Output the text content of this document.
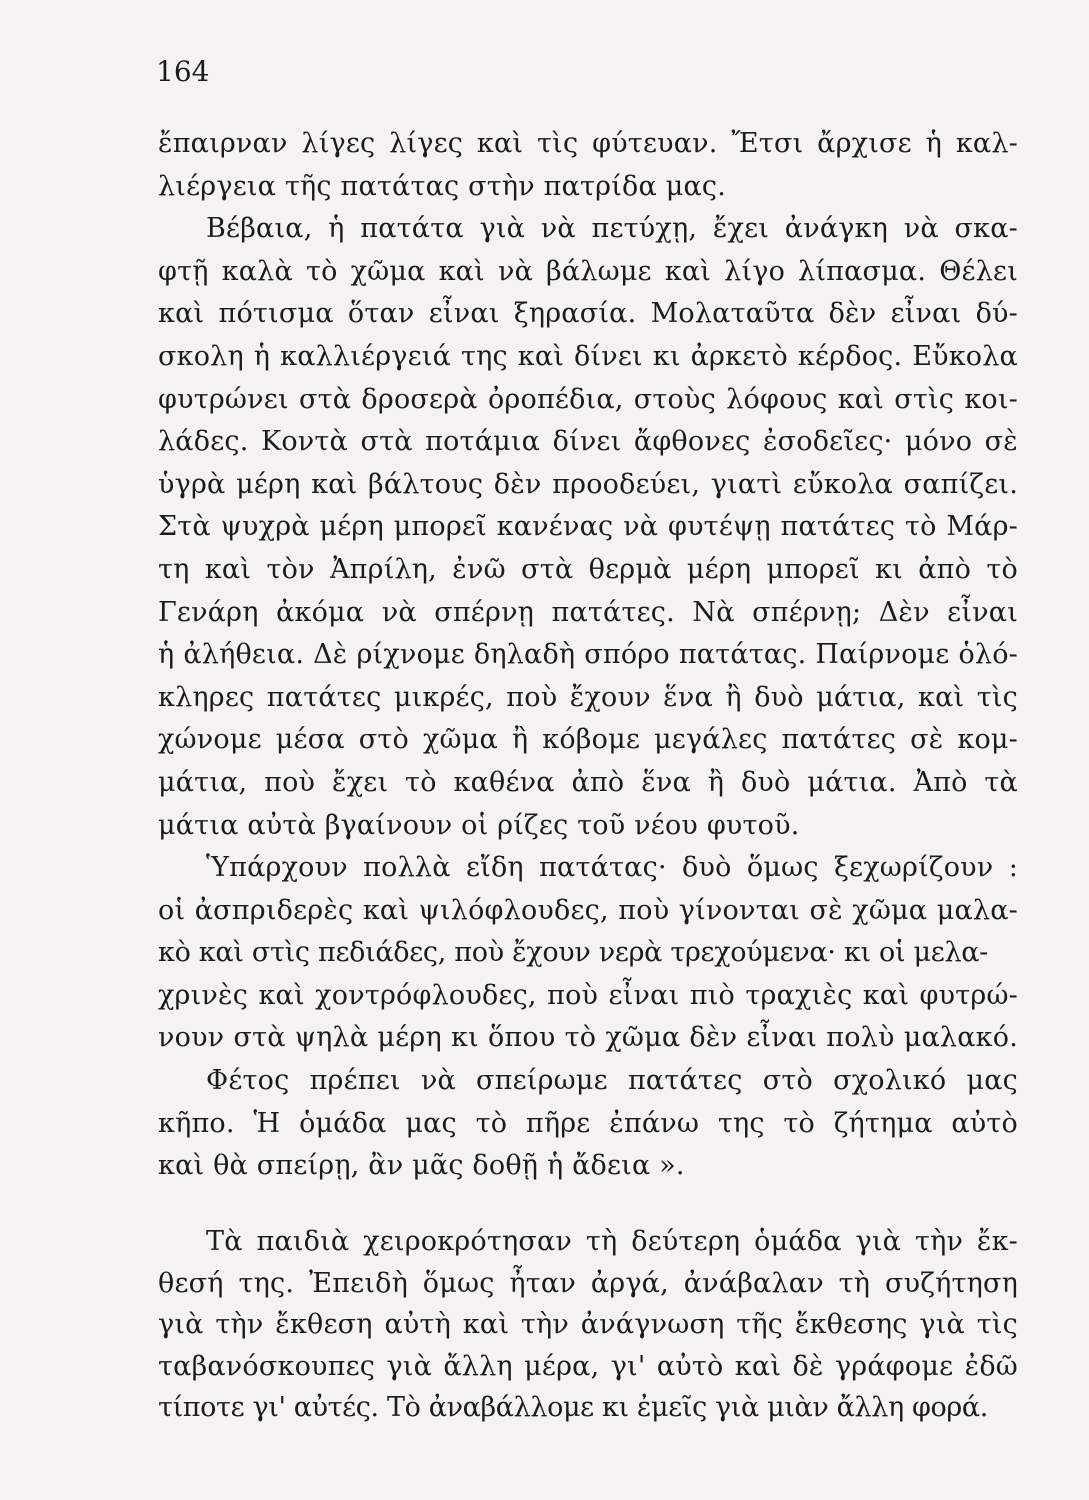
164
ἔπαιρναν λίγες λίγες καὶ τὶς φύτευαν. Ἔτσι ἄρχισε ἡ καλ-
λιέργεια τῆς πατάτας στὴν πατρίδα μας.
Βέβαια, ἡ πατάτα γιὰ νὰ πετύχῃ, ἔχει ἀνάγκη νὰ σκα-
φτῇ καλὰ τὸ χῶμα καὶ νὰ βάλωμε καὶ λίγο λίπασμα. Θέλει
καὶ πότισμα ὅταν εἶναι ξηρασία. Μολαταῦτα δὲν εἶναι δύ-
σκολη ἡ καλλιέργειά της καὶ δίνει κι ἀρκετὸ κέρδος. Εὔκολα
φυτρώνει στὰ δροσερὰ ὀροπέδια, στοὺς λόφους καὶ στὶς κοι-
λάδες. Κοντὰ στὰ ποτάμια δίνει ἄφθονες ἐσοδεῖες· μόνο σὲ
ὑγρὰ μέρη καὶ βάλτους δὲν προοδεύει, γιατὶ εὔκολα σαπίζει.
Στὰ ψυχρὰ μέρη μπορεῖ κανένας νὰ φυτέψῃ πατάτες τὸ Μάρ-
τη καὶ τὸν Ἀπρίλη, ἐνῶ στὰ θερμὰ μέρη μπορεῖ κι ἀπὸ τὸ
Γενάρη ἀκόμα νὰ σπέρνῃ πατάτες. Νὰ σπέρνῃ; Δὲν εἶναι
ἡ ἀλήθεια. Δὲ ρίχνομε δηλαδὴ σπόρο πατάτας. Παίρνομε ὁλό-
κληρες πατάτες μικρές, ποὺ ἔχουν ἕνα ἢ δυὸ μάτια, καὶ τὶς
χώνομε μέσα στὸ χῶμα ἢ κόβομε μεγάλες πατάτες σὲ κομ-
μάτια, ποὺ ἔχει τὸ καθένα ἀπὸ ἕνα ἢ δυὸ μάτια. Ἀπὸ τὰ
μάτια αὐτὰ βγαίνουν οἱ ρίζες τοῦ νέου φυτοῦ.
Ὑπάρχουν πολλὰ εἴδη πατάτας· δυὸ ὅμως ξεχωρίζουν :
οἱ ἀσπριδερὲς καὶ ψιλόφλουδες, ποὺ γίνονται σὲ χῶμα μαλα-
κὸ καὶ στὶς πεδιάδες, ποὺ ἔχουν νερὰ τρεχούμενα· κι οἱ μελα-
χρινὲς καὶ χοντρόφλουδες, ποὺ εἶναι πιὸ τραχιὲς καὶ φυτρώ-
νουν στὰ ψηλὰ μέρη κι ὅπου τὸ χῶμα δὲν εἶναι πολὺ μαλακό.
Φέτος πρέπει νὰ σπείρωμε πατάτες στὸ σχολικό μας
κῆπο. Ἡ ὁμάδα μας τὸ πῆρε ἐπάνω της τὸ ζήτημα αὐτὸ
καὶ θὰ σπείρῃ, ἂν μᾶς δοθῇ ἡ ἄδεια ».
Τὰ παιδιὰ χειροκρότησαν τὴ δεύτερη ὁμάδα γιὰ τὴν ἔκ-
θεσή της. Ἐπειδὴ ὅμως ἦταν ἀργά, ἀνάβαλαν τὴ συζήτηση
γιὰ τὴν ἔκθεση αὐτὴ καὶ τὴν ἀνάγνωση τῆς ἔκθεσης γιὰ τὶς
ταβανόσκουπες γιὰ ἄλλη μέρα, γι' αὐτὸ καὶ δὲ γράφομε ἐδῶ
τίποτε γι' αὐτές. Τὸ ἀναβάλλομε κι ἐμεῖς γιὰ μιὰν ἄλλη φορά.
